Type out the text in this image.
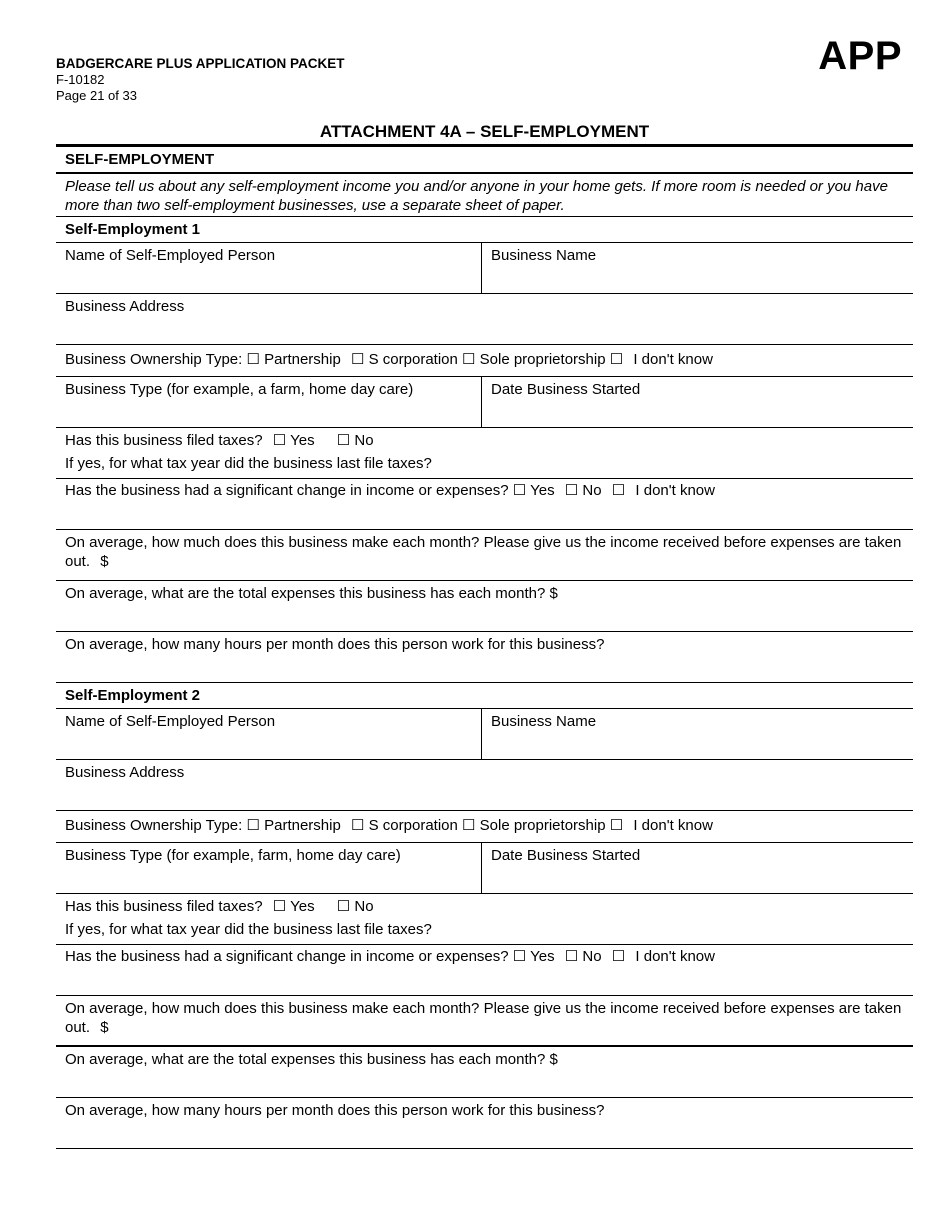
BADGERCARE PLUS APPLICATION PACKET
F-10182
Page 21 of 33
APP
ATTACHMENT 4A – SELF-EMPLOYMENT
SELF-EMPLOYMENT
Please tell us about any self-employment income you and/or anyone in your home gets. If more room is needed or you have more than two self-employment businesses, use a separate sheet of paper.
Self-Employment 1
Name of Self-Employed Person	Business Name
Business Address
Business Ownership Type: ☐ Partnership ☐ S corporation ☐ Sole proprietorship ☐ I don't know
Business Type (for example, a farm, home day care)	Date Business Started
Has this business filed taxes? ☐ Yes ☐ No
If yes, for what tax year did the business last file taxes?
Has the business had a significant change in income or expenses? ☐ Yes ☐ No ☐ I don't know
On average, how much does this business make each month? Please give us the income received before expenses are taken out. $
On average, what are the total expenses this business has each month? $
On average, how many hours per month does this person work for this business?
Self-Employment 2
Name of Self-Employed Person	Business Name
Business Address
Business Ownership Type: ☐ Partnership ☐ S corporation ☐ Sole proprietorship ☐ I don't know
Business Type (for example, farm, home day care)	Date Business Started
Has this business filed taxes? ☐ Yes ☐ No
If yes, for what tax year did the business last file taxes?
Has the business had a significant change in income or expenses? ☐ Yes ☐ No ☐ I don't know
On average, how much does this business make each month? Please give us the income received before expenses are taken out. $
On average, what are the total expenses this business has each month? $
On average, how many hours per month does this person work for this business?
